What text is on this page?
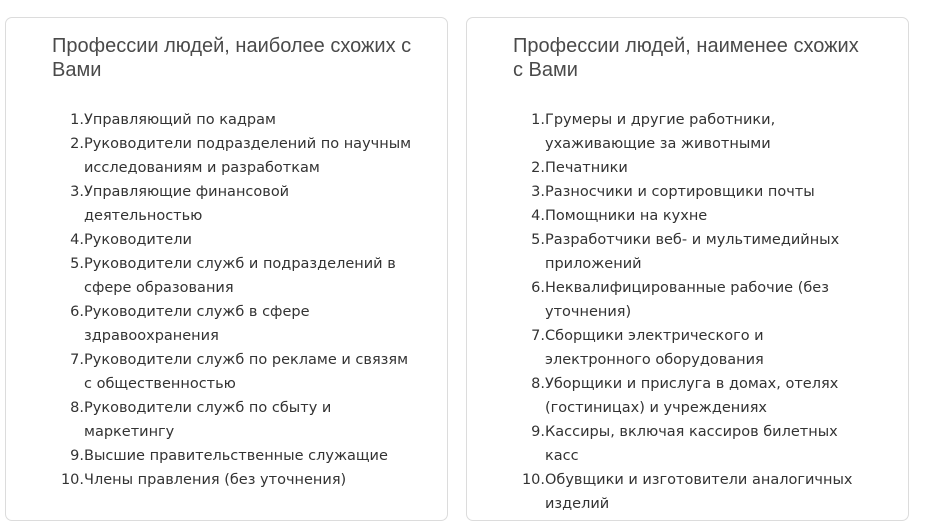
Профессии людей, наиболее схожих с Вами
1. Управляющий по кадрам
2. Руководители подразделений по научным исследованиям и разработкам
3. Управляющие финансовой деятельностью
4. Руководители
5. Руководители служб и подразделений в сфере образования
6. Руководители служб в сфере здравоохранения
7. Руководители служб по рекламе и связям с общественностью
8. Руководители служб по сбыту и маркетингу
9. Высшие правительственные служащие
10. Члены правления (без уточнения)
Профессии людей, наименее схожих с Вами
1. Грумеры и другие работники, ухаживающие за животными
2. Печатники
3. Разносчики и сортировщики почты
4. Помощники на кухне
5. Разработчики веб- и мультимедийных приложений
6. Неквалифицированные рабочие (без уточнения)
7. Сборщики электрического и электронного оборудования
8. Уборщики и прислуга в домах, отелях (гостиницах) и учреждениях
9. Кассиры, включая кассиров билетных касс
10. Обувщики и изготовители аналогичных изделий
